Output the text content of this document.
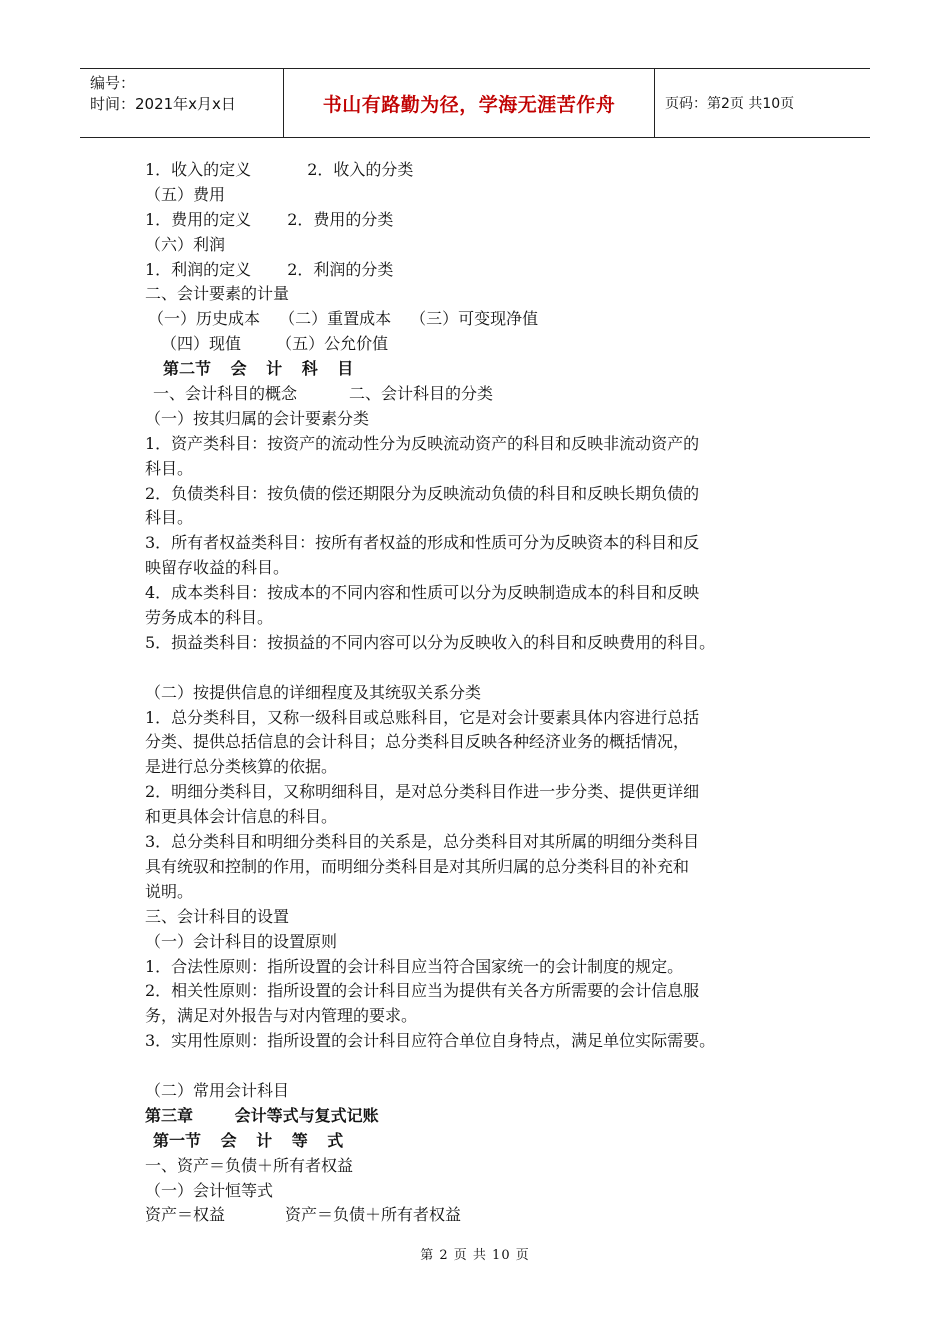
编号：
时间：2021年x月x日	书山有路勤为径，学海无涯苦作舟	页码：第2页 共10页
1．收入的定义	2．收入的分类
（五）费用
1．费用的定义 2．费用的分类
（六）利润
1．利润的定义 2．利润的分类
二、会计要素的计量
（一）历史成本 （二）重置成本 （三）可变现净值
（四）现值 （五）公允价值
第二节 会 计 科 目
一、会计科目的概念	二、会计科目的分类
（一）按其归属的会计要素分类
1．资产类科目：按资产的流动性分为反映流动资产的科目和反映非流动资产的
科目。
2．负债类科目：按负债的偿还期限分为反映流动负债的科目和反映长期负债的
科目。
3．所有者权益类科目：按所有者权益的形成和性质可分为反映资本的科目和反
映留存收益的科目。
4．成本类科目：按成本的不同内容和性质可以分为反映制造成本的科目和反映
劳务成本的科目。
5．损益类科目：按损益的不同内容可以分为反映收入的科目和反映费用的科目。
（二）按提供信息的详细程度及其统驭关系分类
1．总分类科目，又称一级科目或总账科目，它是对会计要素具体内容进行总括
分类、提供总括信息的会计科目；总分类科目反映各种经济业务的概括情况，
是进行总分类核算的依据。
2．明细分类科目，又称明细科目，是对总分类科目作进一步分类、提供更详细
和更具体会计信息的科目。
3．总分类科目和明细分类科目的关系是，总分类科目对其所属的明细分类科目
具有统驭和控制的作用，而明细分类科目是对其所归属的总分类科目的补充和
说明。
三、会计科目的设置
（一）会计科目的设置原则
1．合法性原则：指所设置的会计科目应当符合国家统一的会计制度的规定。
2．相关性原则：指所设置的会计科目应当为提供有关各方所需要的会计信息服
务，满足对外报告与对内管理的要求。
3．实用性原则：指所设置的会计科目应符合单位自身特点，满足单位实际需要。
（二）常用会计科目
第三章 会计等式与复式记账
第一节 会 计 等 式
一、资产＝负债＋所有者权益
（一）会计恒等式
资产＝权益	资产＝负债＋所有者权益
第 2 页 共 10 页
